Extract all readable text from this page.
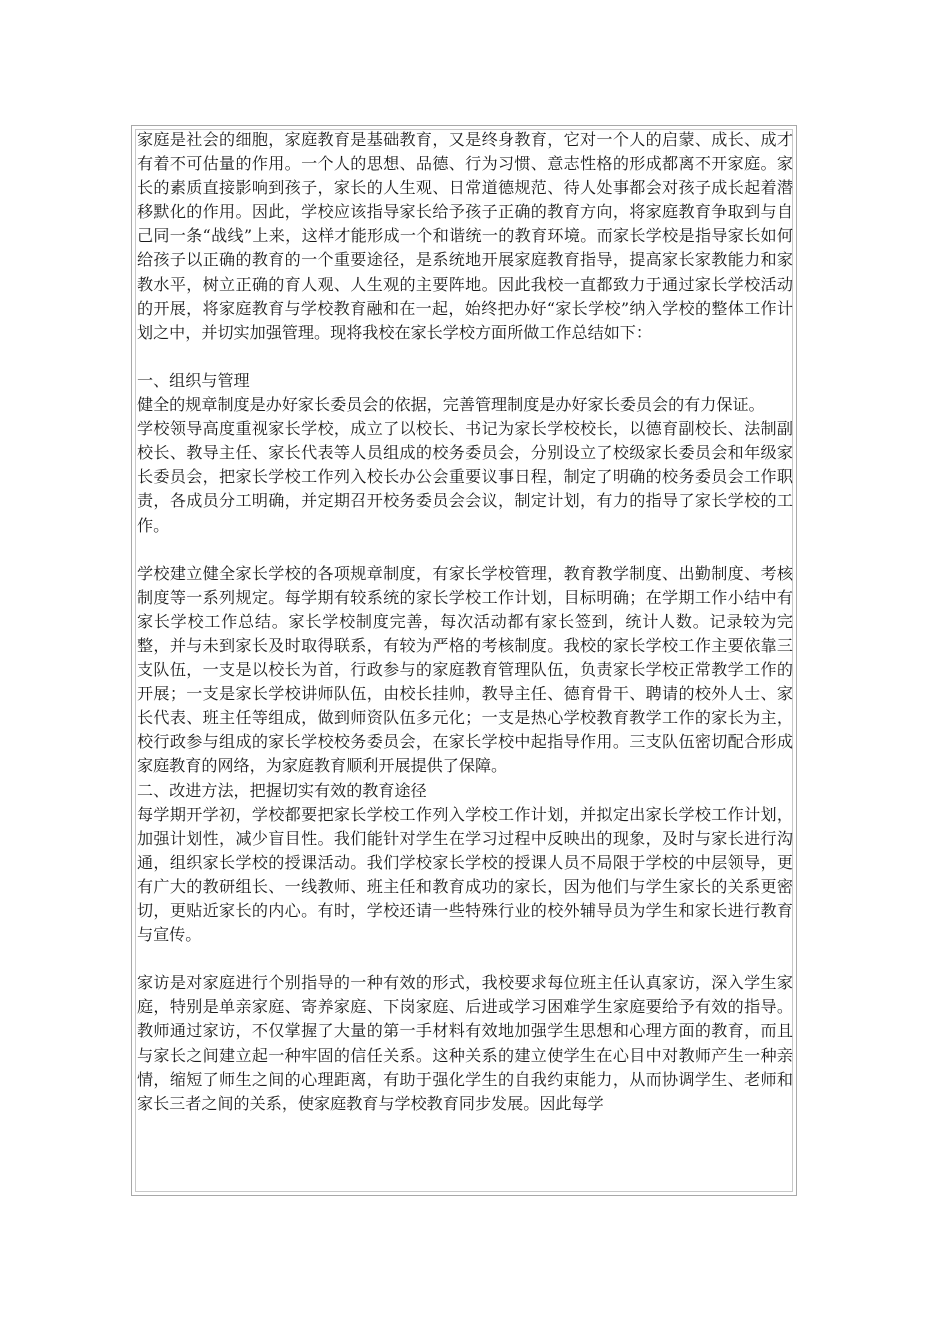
家庭是社会的细胞，家庭教育是基础教育，又是终身教育，它对一个人的启蒙、成长、成才有着不可估量的作用。一个人的思想、品德、行为习惯、意志性格的形成都离不开家庭。家长的素质直接影响到孩子，家长的人生观、日常道德规范、待人处事都会对孩子成长起着潜移默化的作用。因此，学校应该指导家长给予孩子正确的教育方向，将家庭教育争取到与自己同一条“战线”上来，这样才能形成一个和谐统一的教育环境。而家长学校是指导家长如何给孩子以正确的教育的一个重要途径，是系统地开展家庭教育指导，提高家长家教能力和家教水平，树立正确的育人观、人生观的主要阵地。因此我校一直都致力于通过家长学校活动的开展，将家庭教育与学校教育融和在一起，始终把办好“家长学校”纳入学校的整体工作计划之中，并切实加强管理。现将我校在家长学校方面所做工作总结如下：

一、组织与管理

健全的规章制度是办好家长委员会的依据，完善管理制度是办好家长委员会的有力保证。

学校领导高度重视家长学校，成立了以校长、书记为家长学校校长，以德育副校长、法制副校长、教导主任、家长代表等人员组成的校务委员会，分别设立了校级家长委员会和年级家长委员会，把家长学校工作列入校长办公会重要议事日程，制定了明确的校务委员会工作职责，各成员分工明确，并定期召开校务委员会会议，制定计划，有力的指导了家长学校的工作。

学校建立健全家长学校的各项规章制度，有家长学校管理，教育教学制度、出勤制度、考核制度等一系列规定。每学期有较系统的家长学校工作计划，目标明确；在学期工作小结中有家长学校工作总结。家长学校制度完善，每次活动都有家长签到，统计人数。记录较为完整，并与未到家长及时取得联系，有较为严格的考核制度。我校的家长学校工作主要依靠三支队伍，一支是以校长为首，行政参与的家庭教育管理队伍，负责家长学校正常教学工作的开展；一支是家长学校讲师队伍，由校长挂帅，教导主任、德育骨干、聘请的校外人士、家长代表、班主任等组成，做到师资队伍多元化；一支是热心学校教育教学工作的家长为主，校行政参与组成的家长学校校务委员会，在家长学校中起指导作用。三支队伍密切配合形成家庭教育的网络，为家庭教育顺利开展提供了保障。

二、改进方法，把握切实有效的教育途径

每学期开学初，学校都要把家长学校工作列入学校工作计划，并拟定出家长学校工作计划，加强计划性，减少盲目性。我们能针对学生在学习过程中反映出的现象，及时与家长进行沟通，组织家长学校的授课活动。我们学校家长学校的授课人员不局限于学校的中层领导，更有广大的教研组长、一线教师、班主任和教育成功的家长，因为他们与学生家长的关系更密切，更贴近家长的内心。有时，学校还请一些特殊行业的校外辅导员为学生和家长进行教育与宣传。

家访是对家庭进行个别指导的一种有效的形式，我校要求每位班主任认真家访，深入学生家庭，特别是单亲家庭、寄养家庭、下岗家庭、后进或学习困难学生家庭要给予有效的指导。教师通过家访，不仅掌握了大量的第一手材料有效地加强学生思想和心理方面的教育，而且与家长之间建立起一种牢固的信任关系。这种关系的建立使学生在心目中对教师产生一种亲情，缩短了师生之间的心理距离，有助于强化学生的自我约束能力，从而协调学生、老师和家长三者之间的关系，使家庭教育与学校教育同步发展。因此每学
